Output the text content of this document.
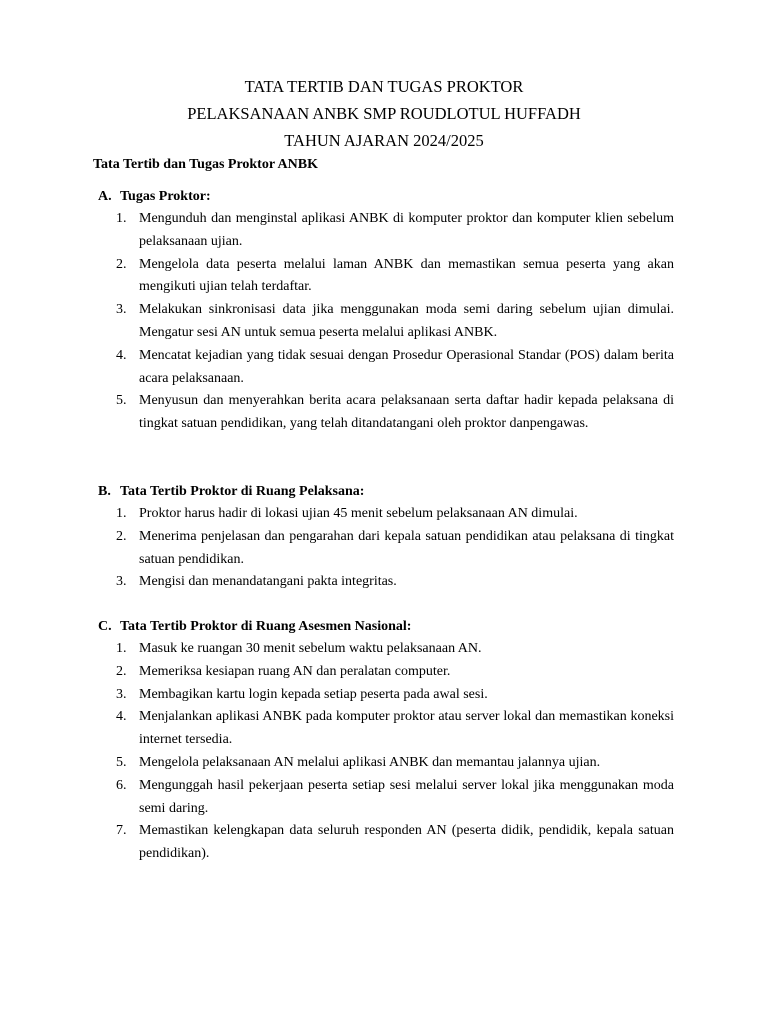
TATA TERTIB DAN TUGAS PROKTOR
PELAKSANAAN ANBK SMP ROUDLOTUL HUFFADH
TAHUN AJARAN 2024/2025
Tata Tertib dan Tugas Proktor ANBK
A. Tugas Proktor:
1. Mengunduh dan menginstal aplikasi ANBK di komputer proktor dan komputer klien sebelum pelaksanaan ujian.
2. Mengelola data peserta melalui laman ANBK dan memastikan semua peserta yang akan mengikuti ujian telah terdaftar.
3. Melakukan sinkronisasi data jika menggunakan moda semi daring sebelum ujian dimulai. Mengatur sesi AN untuk semua peserta melalui aplikasi ANBK.
4. Mencatat kejadian yang tidak sesuai dengan Prosedur Operasional Standar (POS) dalam berita acara pelaksanaan.
5. Menyusun dan menyerahkan berita acara pelaksanaan serta daftar hadir kepada pelaksana di tingkat satuan pendidikan, yang telah ditandatangani oleh proktor danpengawas.
B. Tata Tertib Proktor di Ruang Pelaksana:
1. Proktor harus hadir di lokasi ujian 45 menit sebelum pelaksanaan AN dimulai.
2. Menerima penjelasan dan pengarahan dari kepala satuan pendidikan atau pelaksana di tingkat satuan pendidikan.
3. Mengisi dan menandatangani pakta integritas.
C. Tata Tertib Proktor di Ruang Asesmen Nasional:
1. Masuk ke ruangan 30 menit sebelum waktu pelaksanaan AN.
2. Memeriksa kesiapan ruang AN dan peralatan computer.
3. Membagikan kartu login kepada setiap peserta pada awal sesi.
4. Menjalankan aplikasi ANBK pada komputer proktor atau server lokal dan memastikan koneksi internet tersedia.
5. Mengelola pelaksanaan AN melalui aplikasi ANBK dan memantau jalannya ujian.
6. Mengunggah hasil pekerjaan peserta setiap sesi melalui server lokal jika menggunakan moda semi daring.
7. Memastikan kelengkapan data seluruh responden AN (peserta didik, pendidik, kepala satuan pendidikan).
